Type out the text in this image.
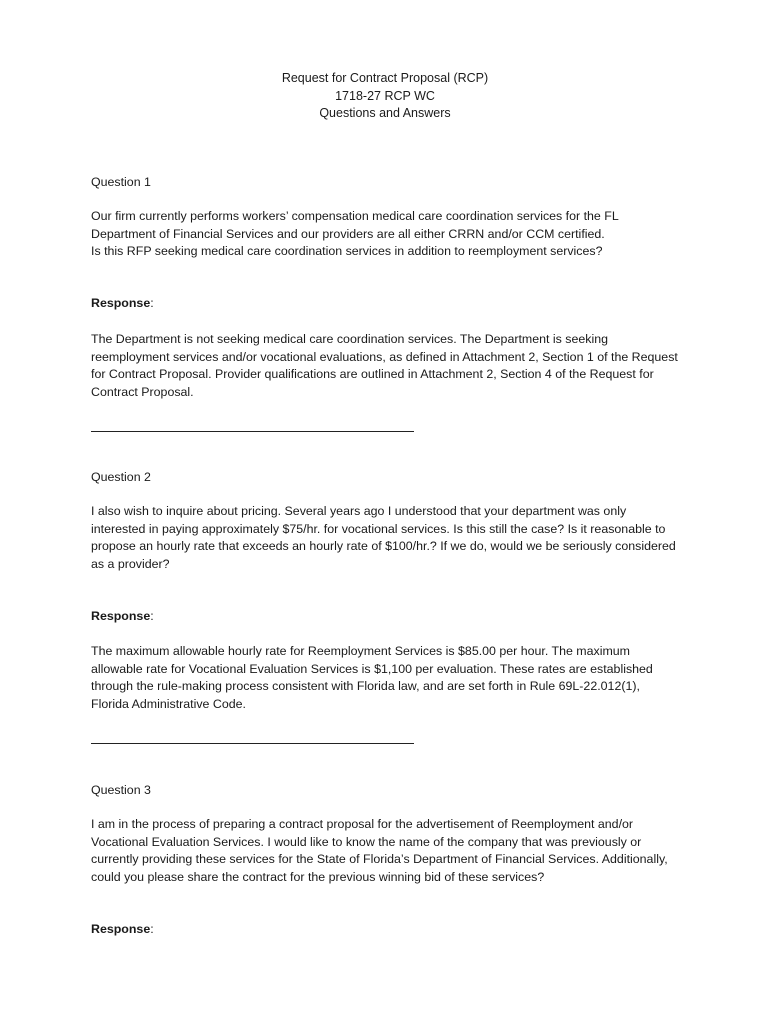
Request for Contract Proposal (RCP)
1718-27 RCP WC
Questions and Answers

Question 1

Our firm currently performs workers’ compensation medical care coordination services for the FL Department of Financial Services and our providers are all either CRRN and/or CCM certified.

Is this RFP seeking medical care coordination services in addition to reemployment services?

Response:

The Department is not seeking medical care coordination services. The Department is seeking reemployment services and/or vocational evaluations, as defined in Attachment 2, Section 1 of the Request for Contract Proposal. Provider qualifications are outlined in Attachment 2, Section 4 of the Request for Contract Proposal.

Question 2

I also wish to inquire about pricing. Several years ago I understood that your department was only interested in paying approximately $75/hr. for vocational services. Is this still the case? Is it reasonable to propose an hourly rate that exceeds an hourly rate of $100/hr.? If we do, would we be seriously considered as a provider?

Response:

The maximum allowable hourly rate for Reemployment Services is $85.00 per hour. The maximum allowable rate for Vocational Evaluation Services is $1,100 per evaluation. These rates are established through the rule-making process consistent with Florida law, and are set forth in Rule 69L-22.012(1), Florida Administrative Code.

Question 3

I am in the process of preparing a contract proposal for the advertisement of Reemployment and/or Vocational Evaluation Services. I would like to know the name of the company that was previously or currently providing these services for the State of Florida’s Department of Financial Services. Additionally, could you please share the contract for the previous winning bid of these services?

Response:
